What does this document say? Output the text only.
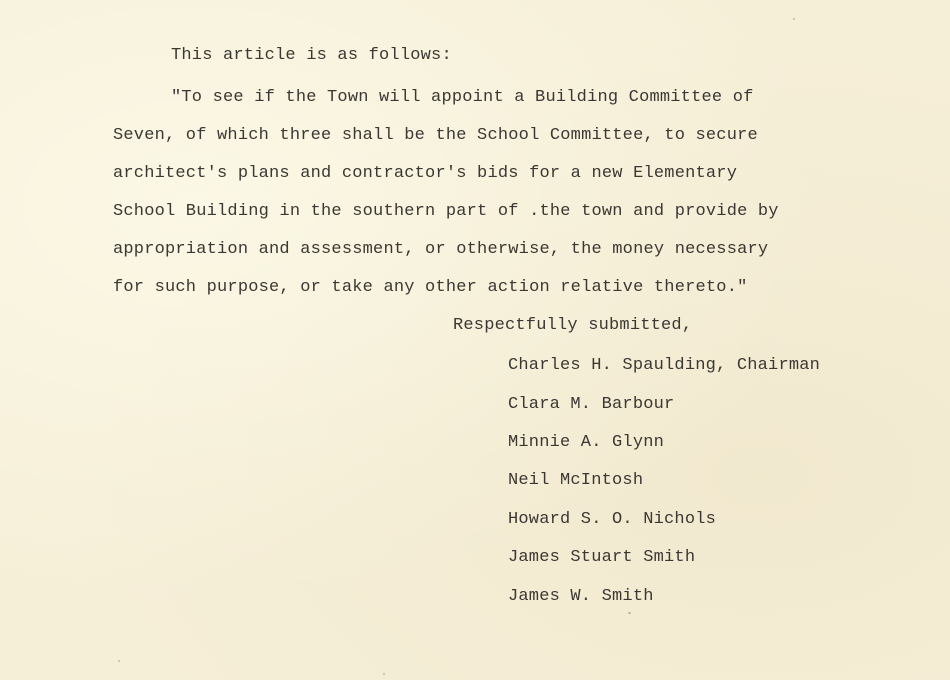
This article is as follows:

"To see if the Town will appoint a Building Committee of

Seven, of which three shall be the School Committee, to secure

architect's plans and contractor's bids for a new Elementary

School Building in the southern part of .the town and provide by

appropriation and assessment, or otherwise, the money necessary

for such purpose, or take any other action relative thereto."

Respectfully submitted,

Charles H. Spaulding, Chairman

Clara M. Barbour

Minnie A. Glynn

Neil McIntosh

Howard S. O. Nichols

James Stuart Smith

James W. Smith
